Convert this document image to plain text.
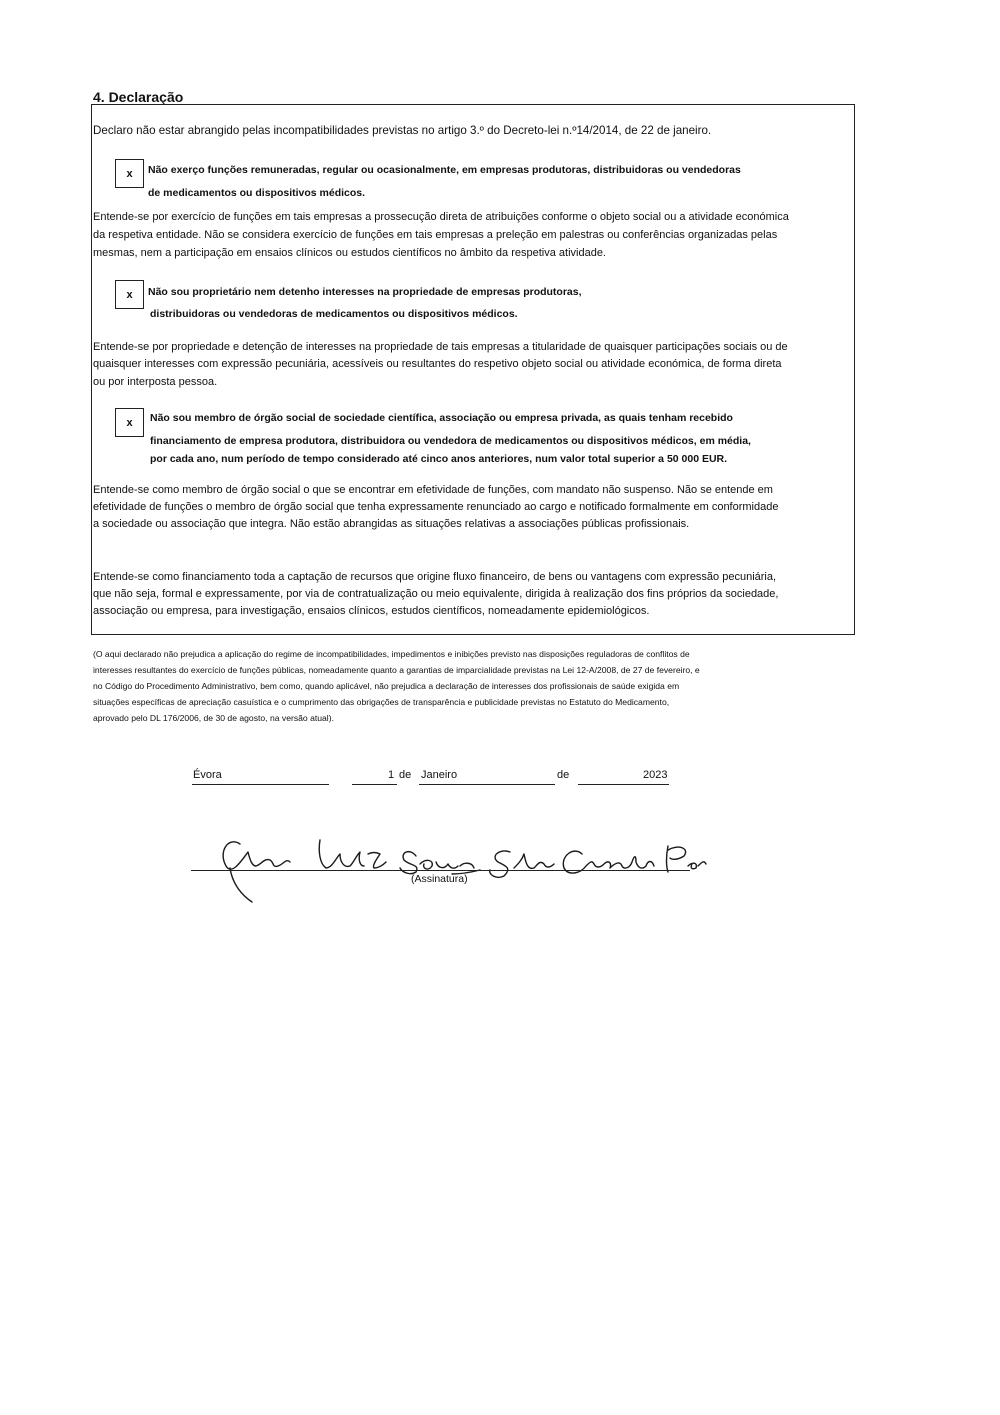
4. Declaração
Declaro não estar abrangido pelas incompatibilidades previstas no artigo 3.º do Decreto-lei n.º14/2014, de 22 de janeiro.
x	Não exerço funções remuneradas, regular ou ocasionalmente, em empresas produtoras, distribuidoras ou vendedoras
de medicamentos ou dispositivos médicos.
Entende-se por exercício de funções em tais empresas a prossecução direta de atribuições conforme o objeto social ou a atividade económica
da respetiva entidade. Não se considera exercício de funções em tais empresas a preleção em palestras ou conferências organizadas pelas
mesmas, nem a participação em ensaios clínicos ou estudos científicos no âmbito da respetiva atividade.
x	Não sou proprietário nem detenho interesses na propriedade de empresas produtoras,
distribuidoras ou vendedoras de medicamentos ou dispositivos médicos.
Entende-se por propriedade e detenção de interesses na propriedade de tais empresas a titularidade de quaisquer participações sociais ou de
quaisquer interesses com expressão pecuniária, acessíveis ou resultantes do respetivo objeto social ou atividade económica, de forma direta
ou por interposta pessoa.
x	Não sou membro de órgão social de sociedade científica, associação ou empresa privada, as quais tenham recebido
financiamento de empresa produtora, distribuidora ou vendedora de medicamentos ou dispositivos médicos, em média,
por cada ano, num período de tempo considerado até cinco anos anteriores, num valor total superior a 50 000 EUR.
Entende-se como membro de órgão social o que se encontrar em efetividade de funções, com mandato não suspenso. Não se entende em
efetividade de funções o membro de órgão social que tenha expressamente renunciado ao cargo e notificado formalmente em conformidade
a sociedade ou associação que integra. Não estão abrangidas as situações relativas a associações públicas profissionais.
Entende-se como financiamento toda a captação de recursos que origine fluxo financeiro, de bens ou vantagens com expressão pecuniária,
que não seja, formal e expressamente, por via de contratualização ou meio equivalente, dirigida à realização dos fins próprios da sociedade,
associação ou empresa, para investigação, ensaios clínicos, estudos científicos, nomeadamente epidemiológicos.
(O aqui declarado não prejudica a aplicação do regime de incompatibilidades, impedimentos e inibições previsto nas disposições reguladoras de conflitos de
interesses resultantes do exercício de funções públicas, nomeadamente quanto a garantias de imparcialidade previstas na Lei 12-A/2008, de 27 de fevereiro, e
no Código do Procedimento Administrativo, bem como, quando aplicável, não prejudica a declaração de interesses dos profissionais de saúde exigida em
situações específicas de apreciação casuística e o cumprimento das obrigações de transparência e publicidade previstas no Estatuto do Medicamento,
aprovado pelo DL 176/2006, de 30 de agosto, na versão atual).
Évora	1 de Janeiro	de	2023
(Assinatura)
